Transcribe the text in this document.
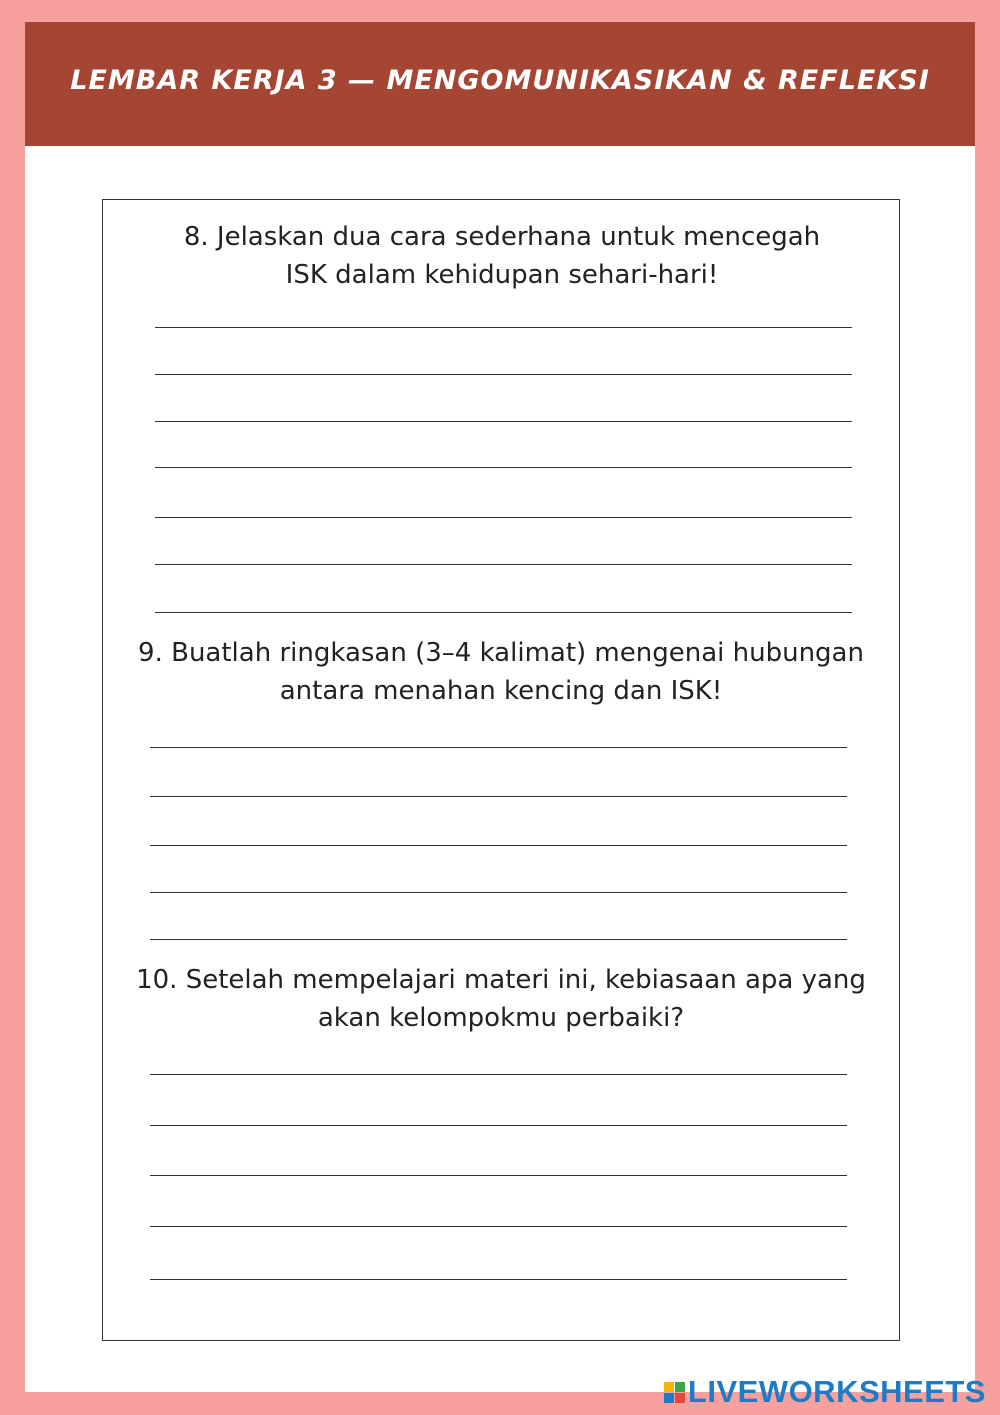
LEMBAR KERJA 3 — MENGOMUNIKASIKAN & REFLEKSI
8. Jelaskan dua cara sederhana untuk mencegah
ISK dalam kehidupan sehari-hari!
9. Buatlah ringkasan (3–4 kalimat) mengenai hubungan
antara menahan kencing dan ISK!
10. Setelah mempelajari materi ini, kebiasaan apa yang
akan kelompokmu perbaiki?
LIVEWORKSHEETS
